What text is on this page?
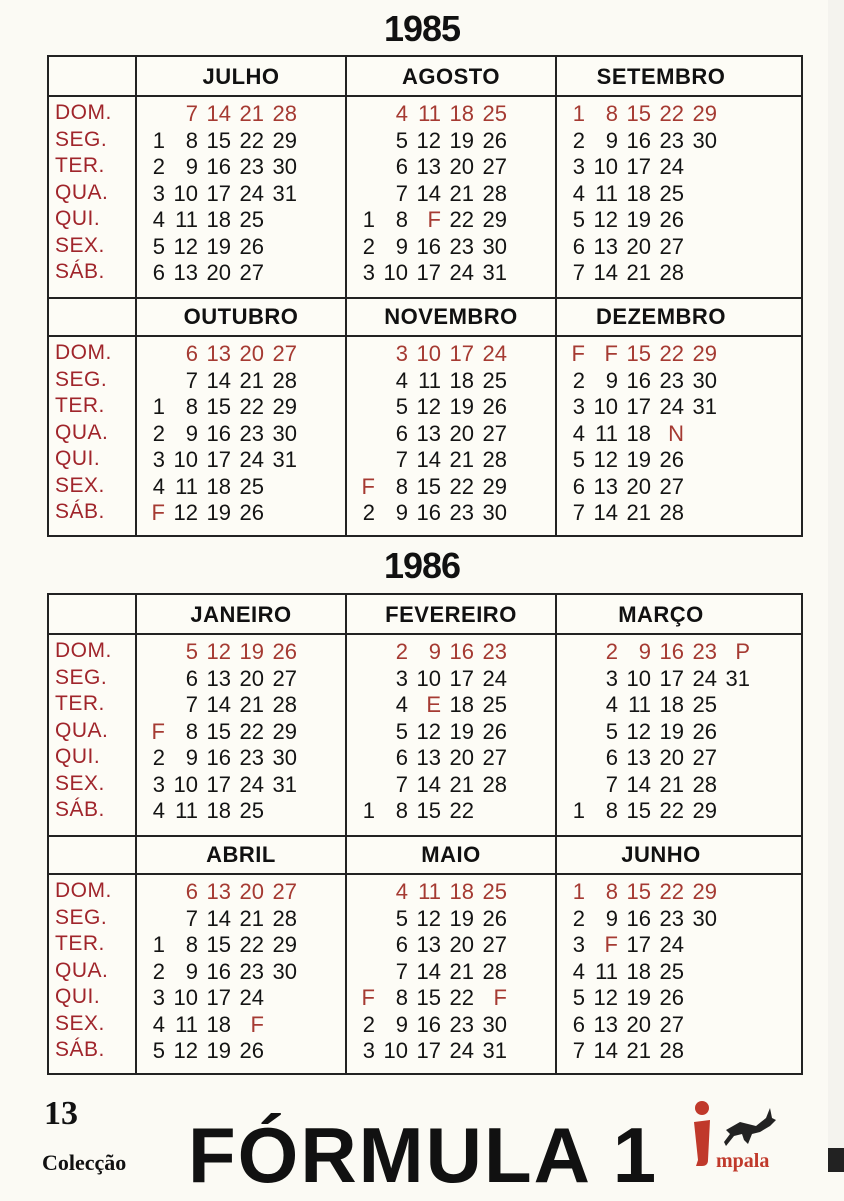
13
Colecção FÓRMULA 1	mpala
1985
DOM.
SEG.
TER.
QUA.
QUI.
SEX.
SÁB.
JULHO
1
2
3
4
5
6
7
8
9
10
11
12
13
14
15
16
17
18
19
20
21
22
23
24
25
26
27
28
29
30
31
AGOSTO
1
2
3
4
5
6
7
8
9
10
11
12
13
14
F
16
17
18
19
20
21
22
23
24
25
26
27
28
29
30
31
SETEMBRO
1
2
3
4
5
6
7
8
9
10
11
12
13
14
15
16
17
18
19
20
21
22
23
24
25
26
27
28
29
30
DOM.
SEG.
TER.
QUA.
QUI.
SEX.
SÁB.
OUTUBRO
1
2
3
4
F
6
7
8
9
10
11
12
13
14
15
16
17
18
19
20
21
22
23
24
25
26
27
28
29
30
31
NOVEMBRO
F
2
3
4
5
6
7
8
9
10
11
12
13
14
15
16
17
18
19
20
21
22
23
24
25
26
27
28
29
30
DEZEMBRO
F
2
3
4
5
6
7
F
9
10
11
12
13
14
15
16
17
18
19
20
21
22
23
24
N
26
27
28
29
30
31
1986
DOM.
SEG.
TER.
QUA.
QUI.
SEX.
SÁB.
JANEIRO
F
2
3
4
5
6
7
8
9
10
11
12
13
14
15
16
17
18
19
20
21
22
23
24
25
26
27
28
29
30
31
FEVEREIRO
1
2
3
4
5
6
7
8
9
10
E
12
13
14
15
16
17
18
19
20
21
22
23
24
25
26
27
28
MARÇO
1
2
3
4
5
6
7
8
9
10
11
12
13
14
15
16
17
18
19
20
21
22
23
24
25
26
27
28
29
P
31
DOM.
SEG.
TER.
QUA.
QUI.
SEX.
SÁB.
ABRIL
1
2
3
4
5
6
7
8
9
10
11
12
13
14
15
16
17
18
19
20
21
22
23
24
F
26
27
28
29
30
MAIO
F
2
3
4
5
6
7
8
9
10
11
12
13
14
15
16
17
18
19
20
21
22
23
24
25
26
27
28
F
30
31
JUNHO
1
2
3
4
5
6
7
8
9
F
11
12
13
14
15
16
17
18
19
20
21
22
23
24
25
26
27
28
29
30
